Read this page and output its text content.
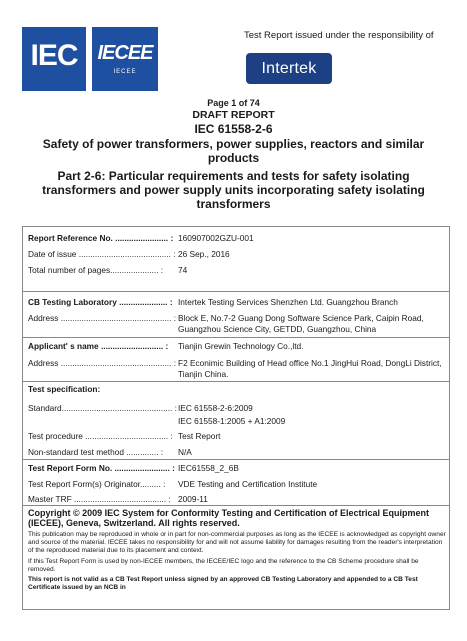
IEC IECEE
IECEE
Test Report issued under the responsibility of
Intertek
Page 1 of 74
DRAFT REPORT
IEC 61558-2-6
Safety of power transformers, power supplies, reactors and similar
products
Part 2-6: Particular requirements and tests for safety isolating
transformers and power supply units incorporating safety isolating
transformers
Report Reference No. ....................... : 160907002GZU-001
Date of issue ........................................ : 26 Sep., 2016
Total number of pages..................... : 74
CB Testing Laboratory ..................... : Intertek Testing Services Shenzhen Ltd. Guangzhou Branch
Address ................................................ : Block E, No.7-2 Guang Dong Software Science Park, Caipin Road, Guangzhou Science City, GETDD, Guangzhou, China
Applicant' s name ........................... : Tianjin Grewin Technology Co.,ltd.
Address ................................................ : F2 Econimic Building of Head office No.1 JingHui Road, DongLi District, Tianjin China.
Test specification:
Standard................................................ : IEC 61558-2-6:2009
IEC 61558-1:2005 + A1:2009
Test procedure .................................... : Test Report
Non-standard test method .............. : N/A
Test Report Form No. ........................ : IEC61558_2_6B
Test Report Form(s) Originator......... : VDE Testing and Certification Institute
Master TRF ........................................ : 2009-11
Copyright © 2009 IEC System for Conformity Testing and Certification of Electrical Equipment (IECEE), Geneva, Switzerland. All rights reserved.
This publication may be reproduced in whole or in part for non-commercial purposes as long as the IECEE is acknowledged as copyright owner and source of the material. IECEE takes no responsibility for and will not assume liability for damages resulting from the reader's interpretation of the reproduced material due to its placement and context.
If this Test Report Form is used by non-IECEE members, the IECEE/IEC logo and the reference to the CB Scheme procedure shall be removed.
This report is not valid as a CB Test Report unless signed by an approved CB Testing Laboratory and appended to a CB Test Certificate issued by an NCB in
